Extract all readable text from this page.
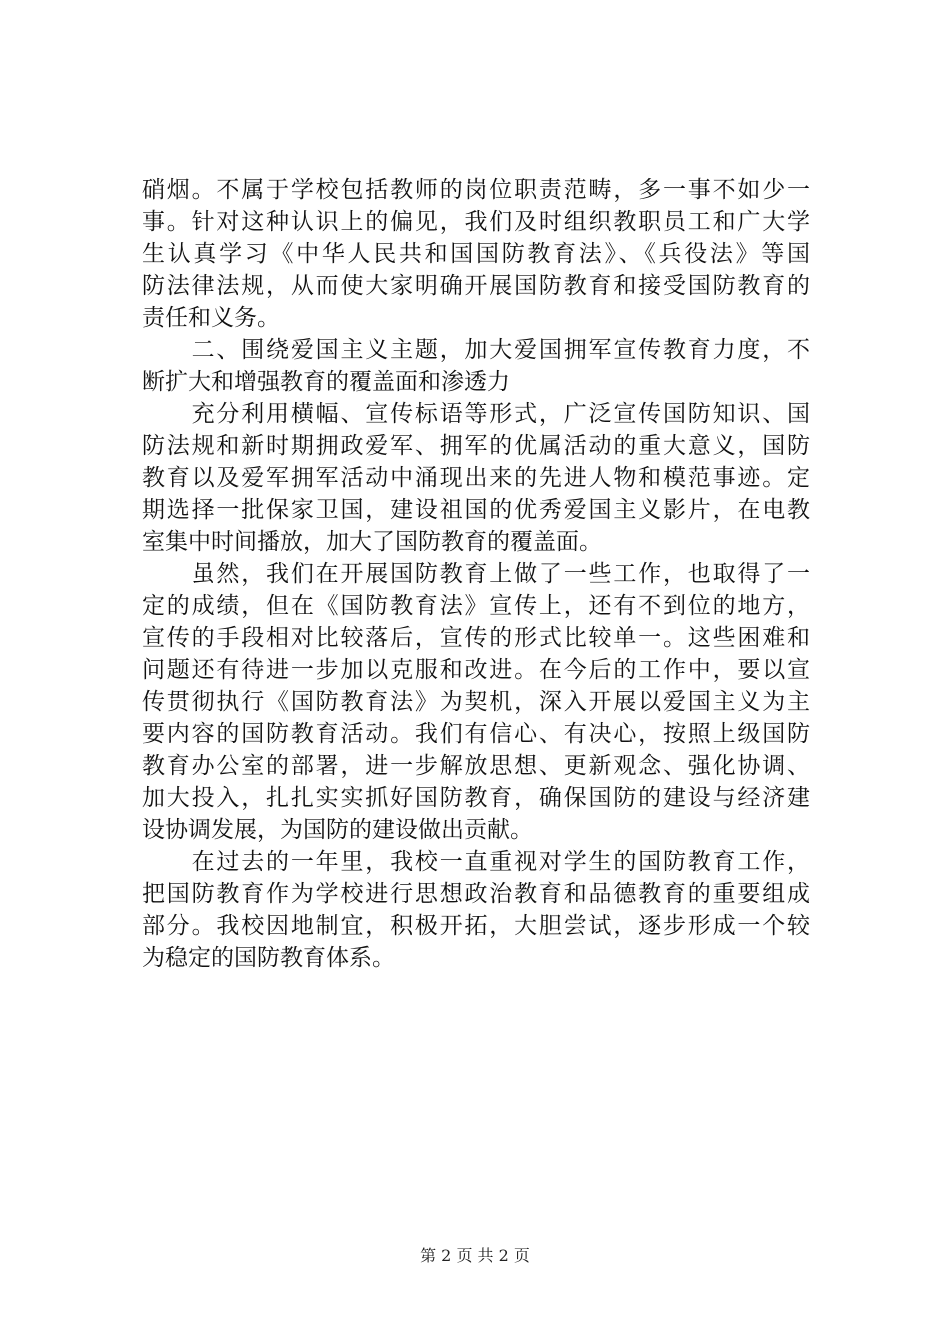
硝烟。不属于学校包括教师的岗位职责范畴，多一事不如少一
事。针对这种认识上的偏见，我们及时组织教职员工和广大学
生认真学习《中华人民共和国国防教育法》、《兵役法》等国
防法律法规，从而使大家明确开展国防教育和接受国防教育的
责任和义务。
　　二、围绕爱国主义主题，加大爱国拥军宣传教育力度，不
断扩大和增强教育的覆盖面和渗透力
　　充分利用横幅、宣传标语等形式，广泛宣传国防知识、国
防法规和新时期拥政爱军、拥军的优属活动的重大意义，国防
教育以及爱军拥军活动中涌现出来的先进人物和模范事迹。定
期选择一批保家卫国，建设祖国的优秀爱国主义影片，在电教
室集中时间播放，加大了国防教育的覆盖面。
　　虽然，我们在开展国防教育上做了一些工作，也取得了一
定的成绩，但在《国防教育法》宣传上，还有不到位的地方，
宣传的手段相对比较落后，宣传的形式比较单一。这些困难和
问题还有待进一步加以克服和改进。在今后的工作中，要以宣
传贯彻执行《国防教育法》为契机，深入开展以爱国主义为主
要内容的国防教育活动。我们有信心、有决心，按照上级国防
教育办公室的部署，进一步解放思想、更新观念、强化协调、
加大投入，扎扎实实抓好国防教育，确保国防的建设与经济建
设协调发展，为国防的建设做出贡献。
　　在过去的一年里，我校一直重视对学生的国防教育工作，
把国防教育作为学校进行思想政治教育和品德教育的重要组成
部分。我校因地制宜，积极开拓，大胆尝试，逐步形成一个较
为稳定的国防教育体系。
第 2 页 共 2 页
